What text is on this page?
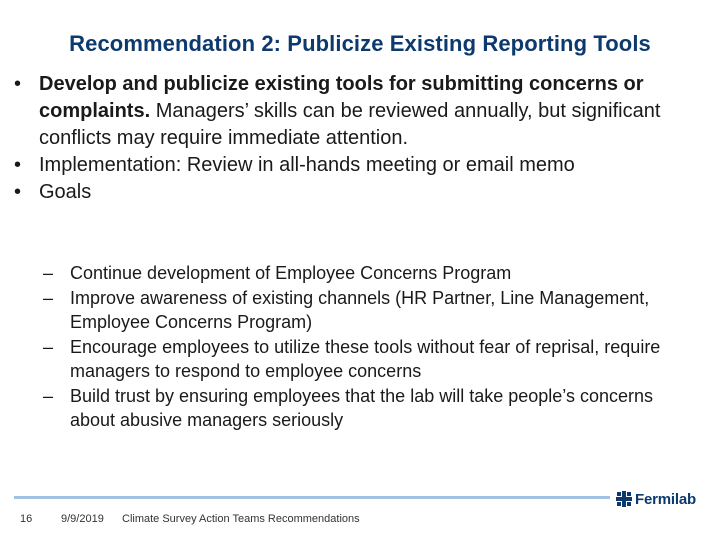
Recommendation 2: Publicize Existing Reporting Tools
• Develop and publicize existing tools for submitting concerns or complaints. Managers’ skills can be reviewed annually, but significant conflicts may require immediate attention.
• Implementation: Review in all-hands meeting or email memo
• Goals
– Continue development of Employee Concerns Program
– Improve awareness of existing channels (HR Partner, Line Management, Employee Concerns Program)
– Encourage employees to utilize these tools without fear of reprisal, require managers to respond to employee concerns
– Build trust by ensuring employees that the lab will take people’s concerns about abusive managers seriously
Fermilab
16	9/9/2019 Climate Survey Action Teams Recommendations
